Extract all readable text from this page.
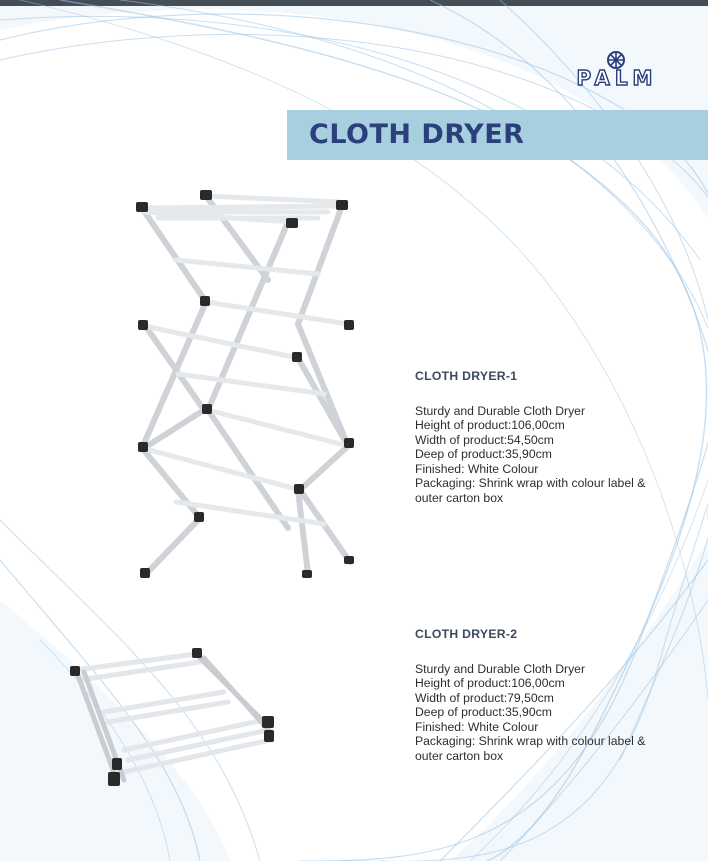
PALM
CLOTH DRYER
CLOTH DRYER-1
Sturdy and Durable Cloth Dryer
Height of product:106,00cm
Width of product:54,50cm
Deep of product:35,90cm
Finished: White Colour
Packaging: Shrink wrap with colour label &
outer carton box
CLOTH DRYER-2
Sturdy and Durable Cloth Dryer
Height of product:106,00cm
Width of product:79,50cm
Deep of product:35,90cm
Finished: White Colour
Packaging: Shrink wrap with colour label &
outer carton box
